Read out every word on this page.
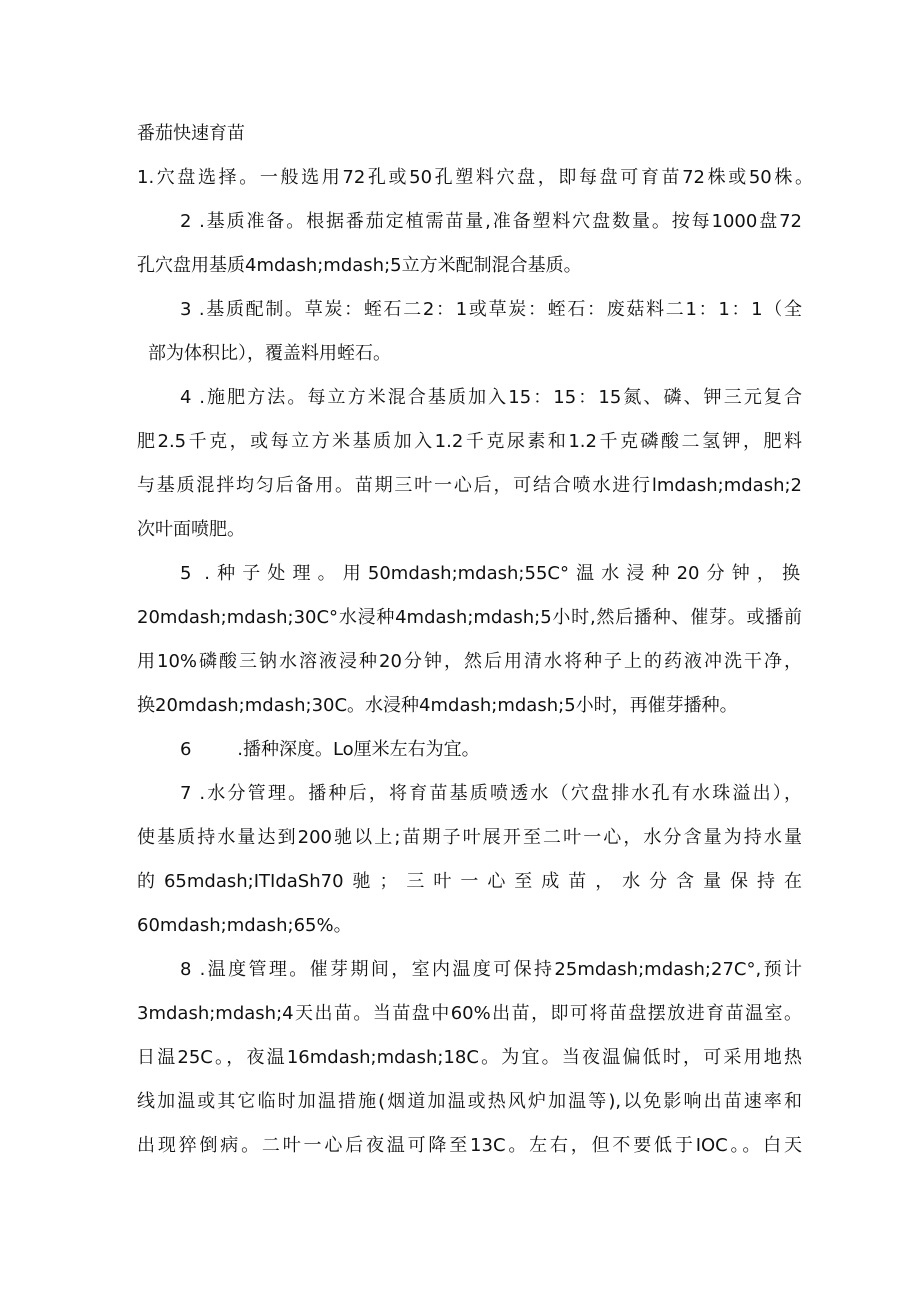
番茄快速育苗
1.穴盘选择。一般选用72孔或50孔塑料穴盘，即每盘可育苗72株或50株。
2 .基质准备。根据番茄定植需苗量,准备塑料穴盘数量。按每1000盘72
孔穴盘用基质4mdash;mdash;5立方米配制混合基质。
3 .基质配制。草炭：蛭石二2：1或草炭：蛭石：废菇料二1：1：1（全
部为体积比），覆盖料用蛭石。
4 .施肥方法。每立方米混合基质加入15：15：15氮、磷、钾三元复合
肥2.5千克，或每立方米基质加入1.2千克尿素和1.2千克磷酸二氢钾，肥料
与基质混拌均匀后备用。苗期三叶一心后，可结合喷水进行lmdash;mdash;2
次叶面喷肥。
5 .种子处理。用50mdash;mdash;55C°温水浸种20分钟，换
20mdash;mdash;30C°水浸种4mdash;mdash;5小时,然后播种、催芽。或播前
用10%磷酸三钠水溶液浸种20分钟，然后用清水将种子上的药液冲洗干净，
换20mdash;mdash;30C。水浸种4mdash;mdash;5小时，再催芽播种。
6        .播种深度。Lo厘米左右为宜。
7 .水分管理。播种后，将育苗基质喷透水（穴盘排水孔有水珠溢出），
使基质持水量达到200驰以上;苗期子叶展开至二叶一心，水分含量为持水量
的65mdash;ITIdaSh70驰；三叶一心至成苗，水分含量保持在
60mdash;mdash;65%。
8 .温度管理。催芽期间，室内温度可保持25mdash;mdash;27C°,预计
3mdash;mdash;4天出苗。当苗盘中60%出苗，即可将苗盘摆放进育苗温室。
日温25C。，夜温16mdash;mdash;18C。为宜。当夜温偏低时，可采用地热
线加温或其它临时加温措施(烟道加温或热风炉加温等),以免影响出苗速率和
出现猝倒病。二叶一心后夜温可降至13C。左右，但不要低于IOC。。白天
